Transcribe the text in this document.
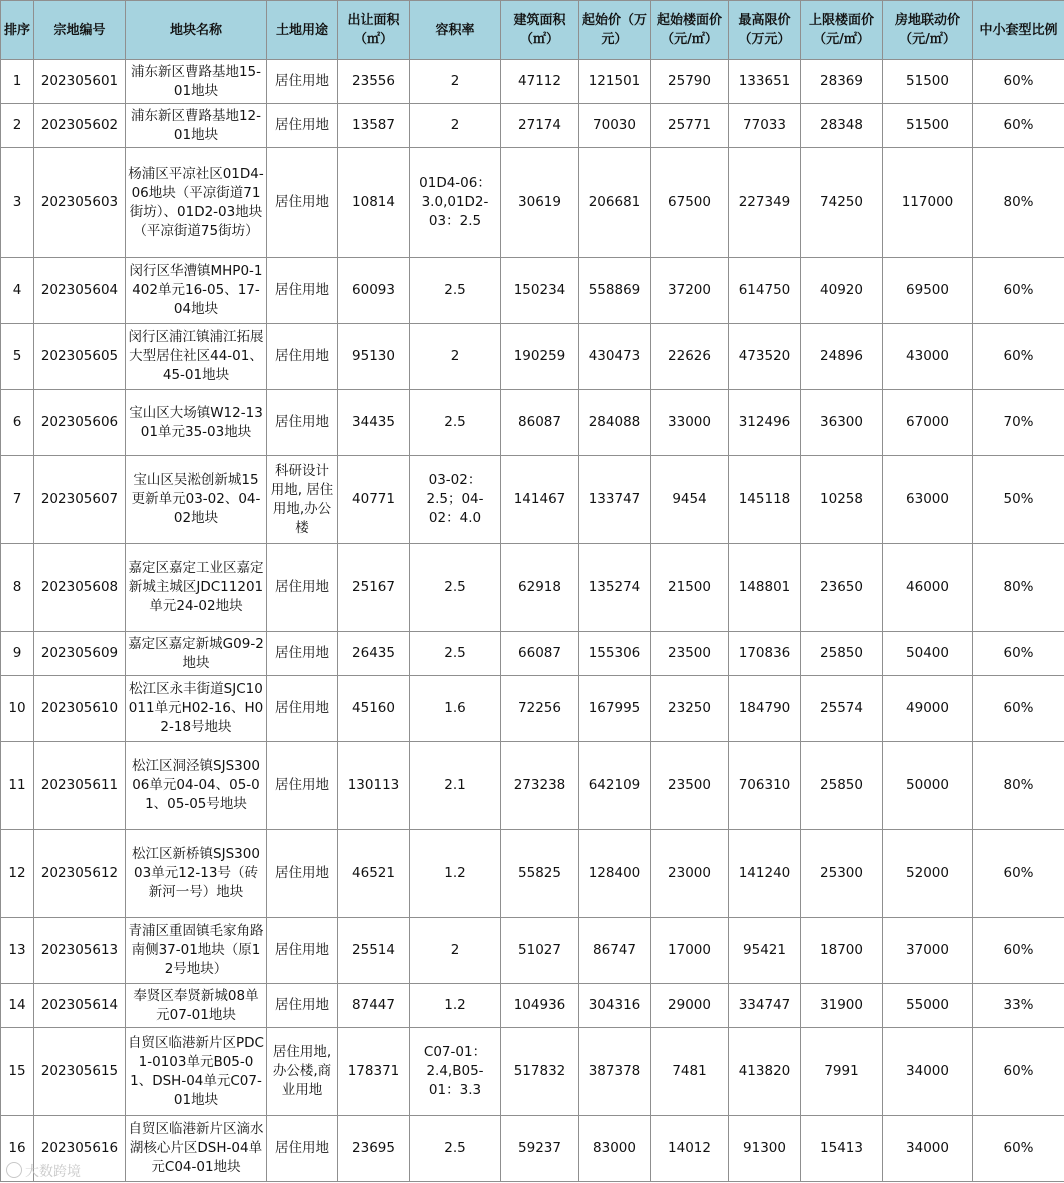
排序	宗地编号	地块名称	土地用途	出让面积（㎡）	容积率	建筑面积（㎡）	起始价（万元）	起始楼面价（元/㎡）	最高限价（万元）	上限楼面价（元/㎡）	房地联动价（元/㎡）	中小套型比例
1	202305601	浦东新区曹路基地15-01地块	居住用地	23556	2	47112	121501	25790	133651	28369	51500	60%
2	202305602	浦东新区曹路基地12-01地块	居住用地	13587	2	27174	70030	25771	77033	28348	51500	60%
3	202305603	杨浦区平凉社区01D4-06地块（平凉街道71街坊）、01D2-03地块（平凉街道75街坊）	居住用地	10814	01D4-06：3.0,01D2-03：2.5	30619	206681	67500	227349	74250	117000	80%
4	202305604	闵行区华漕镇MHP0-1402单元16-05、17-04地块	居住用地	60093	2.5	150234	558869	37200	614750	40920	69500	60%
5	202305605	闵行区浦江镇浦江拓展大型居住社区44-01、45-01地块	居住用地	95130	2	190259	430473	22626	473520	24896	43000	60%
6	202305606	宝山区大场镇W12-1301单元35-03地块	居住用地	34435	2.5	86087	284088	33000	312496	36300	67000	70%
7	202305607	宝山区吴淞创新城15更新单元03-02、04-02地块	科研设计用地, 居住用地,办公楼	40771	03-02：2.5；04-02：4.0	141467	133747	9454	145118	10258	63000	50%
8	202305608	嘉定区嘉定工业区嘉定新城主城区JDC11201单元24-02地块	居住用地	25167	2.5	62918	135274	21500	148801	23650	46000	80%
9	202305609	嘉定区嘉定新城G09-2地块	居住用地	26435	2.5	66087	155306	23500	170836	25850	50400	60%
10	202305610	松江区永丰街道SJC10011单元H02-16、H02-18号地块	居住用地	45160	1.6	72256	167995	23250	184790	25574	49000	60%
11	202305611	松江区洞泾镇SJS30006单元04-04、05-01、05-05号地块	居住用地	130113	2.1	273238	642109	23500	706310	25850	50000	80%
12	202305612	松江区新桥镇SJS30003单元12-13号（砖新河一号）地块	居住用地	46521	1.2	55825	128400	23000	141240	25300	52000	60%
13	202305613	青浦区重固镇毛家角路南侧37-01地块（原12号地块）	居住用地	25514	2	51027	86747	17000	95421	18700	37000	60%
14	202305614	奉贤区奉贤新城08单元07-01地块	居住用地	87447	1.2	104936	304316	29000	334747	31900	55000	33%
15	202305615	自贸区临港新片区PDC1-0103单元B05-01、DSH-04单元C07-01地块	居住用地,办公楼,商业用地	178371	C07-01：2.4,B05-01：3.3	517832	387378	7481	413820	7991	34000	60%
16	202305616	自贸区临港新片区滴水湖核心片区DSH-04单元C04-01地块	居住用地	23695	2.5	59237	83000	14012	91300	15413	34000	60%
大数跨境
